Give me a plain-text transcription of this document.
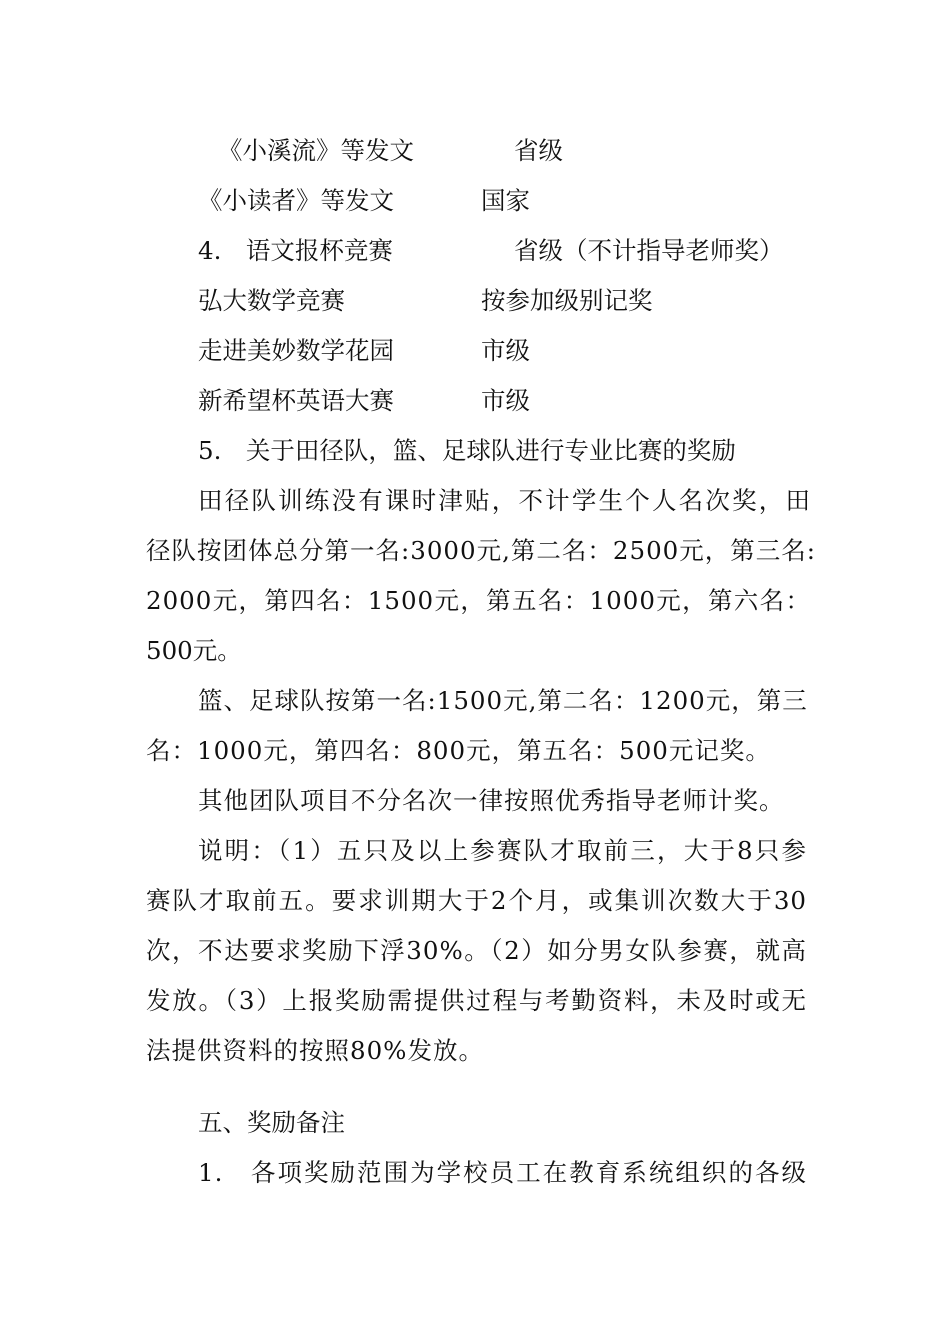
《小溪流》等发文	省级
《小读者》等发文	国家
4.　语文报杯竞赛	省级（不计指导老师奖）
弘大数学竞赛	按参加级别记奖
走进美妙数学花园	市级
新希望杯英语大赛	市级
5.　关于田径队，篮、足球队进行专业比赛的奖励
田径队训练没有课时津贴，不计学生个人名次奖，田
径队按团体总分第一名:3000元,第二名：2500元，第三名:
2000元，第四名：1500元，第五名：1000元，第六名：
500元。
篮、足球队按第一名:1500元,第二名：1200元，第三
名：1000元，第四名：800元，第五名：500元记奖。
其他团队项目不分名次一律按照优秀指导老师计奖。
说明：（1）五只及以上参赛队才取前三，大于8只参
赛队才取前五。要求训期大于2个月，或集训次数大于30
次，不达要求奖励下浮30%。（2）如分男女队参赛，就高
发放。（3）上报奖励需提供过程与考勤资料，未及时或无
法提供资料的按照80%发放。
五、奖励备注
1.　各项奖励范围为学校员工在教育系统组织的各级
